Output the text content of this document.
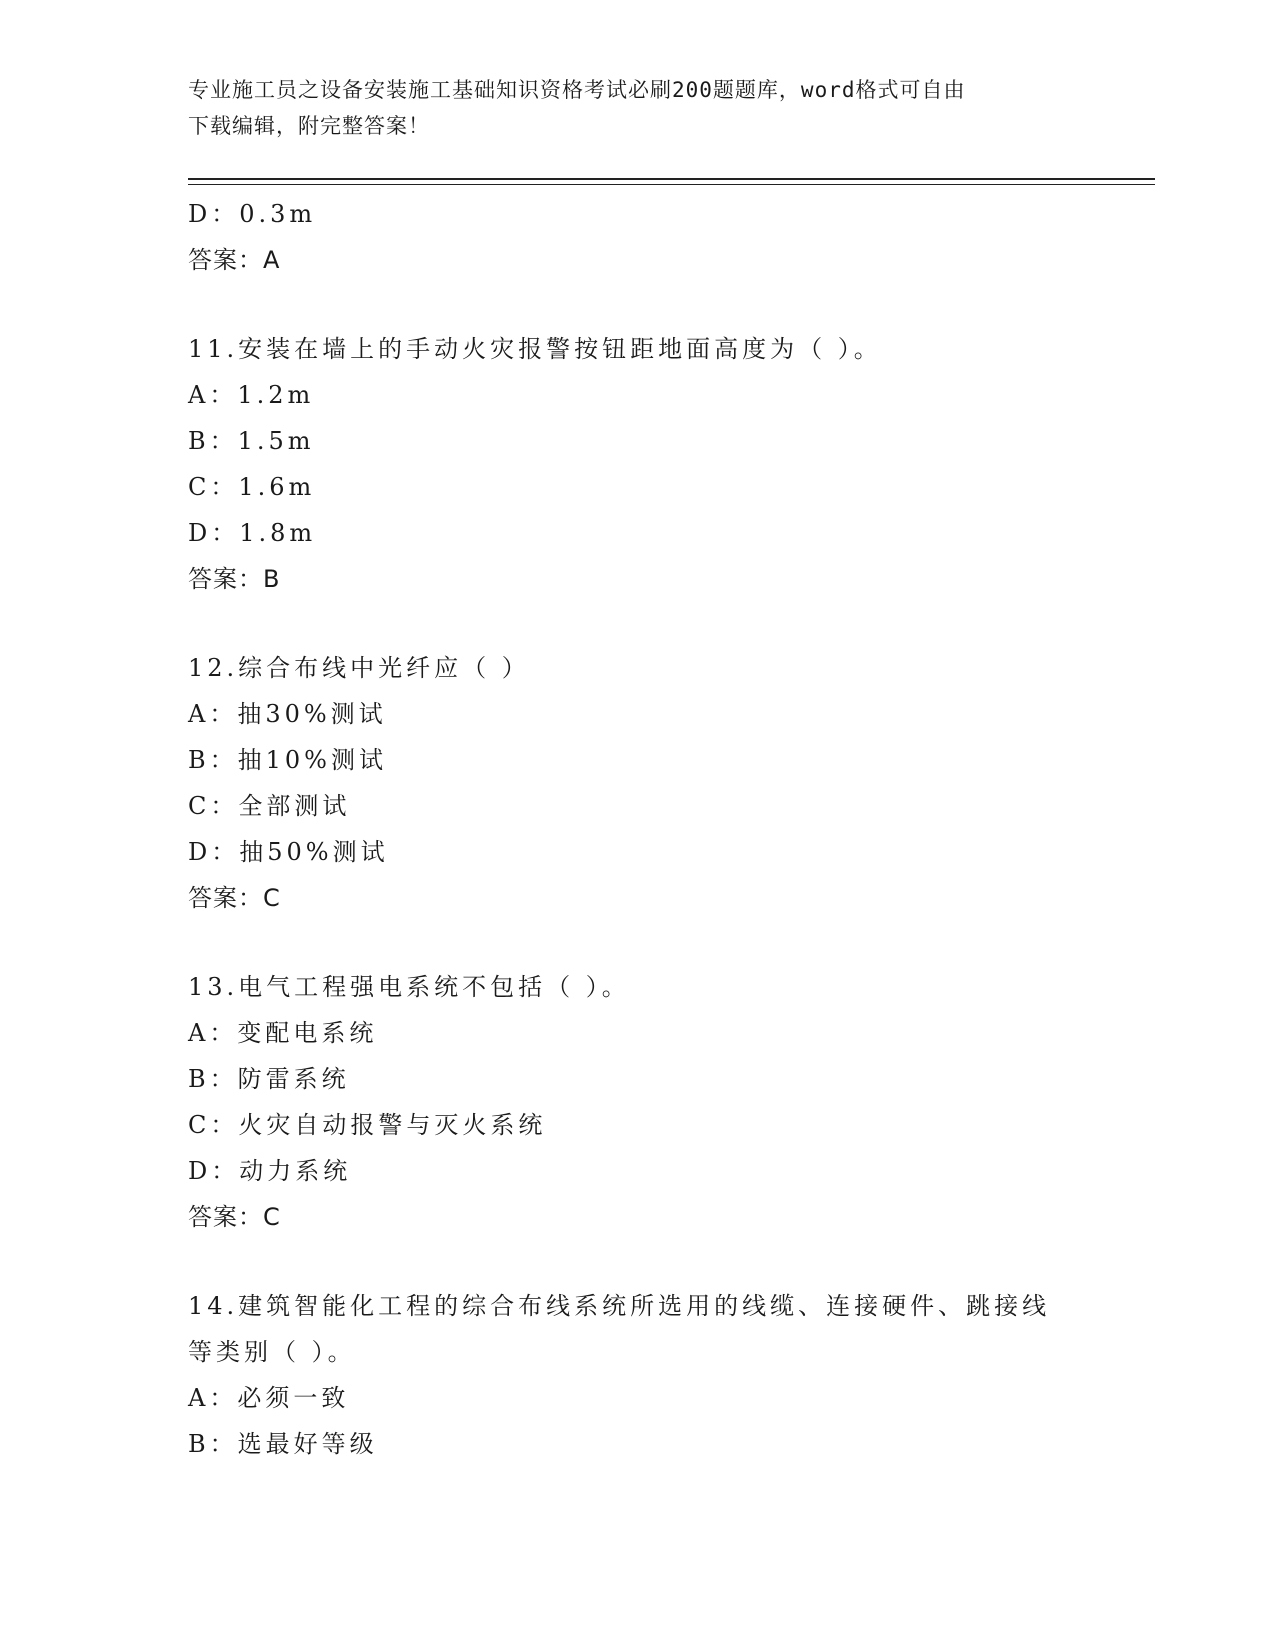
专业施工员之设备安装施工基础知识资格考试必刷200题题库，word格式可自由
下载编辑，附完整答案！
D：0.3m
答案：A
11.安装在墙上的手动火灾报警按钮距地面高度为（ ）。
A：1.2m
B：1.5m
C：1.6m
D：1.8m
答案：B
12.综合布线中光纤应（ ）
A：抽30%测试
B：抽10%测试
C：全部测试
D：抽50%测试
答案：C
13.电气工程强电系统不包括（ ）。
A：变配电系统
B：防雷系统
C：火灾自动报警与灭火系统
D：动力系统
答案：C
14.建筑智能化工程的综合布线系统所选用的线缆、连接硬件、跳接线
等类别（ ）。
A：必须一致
B：选最好等级
